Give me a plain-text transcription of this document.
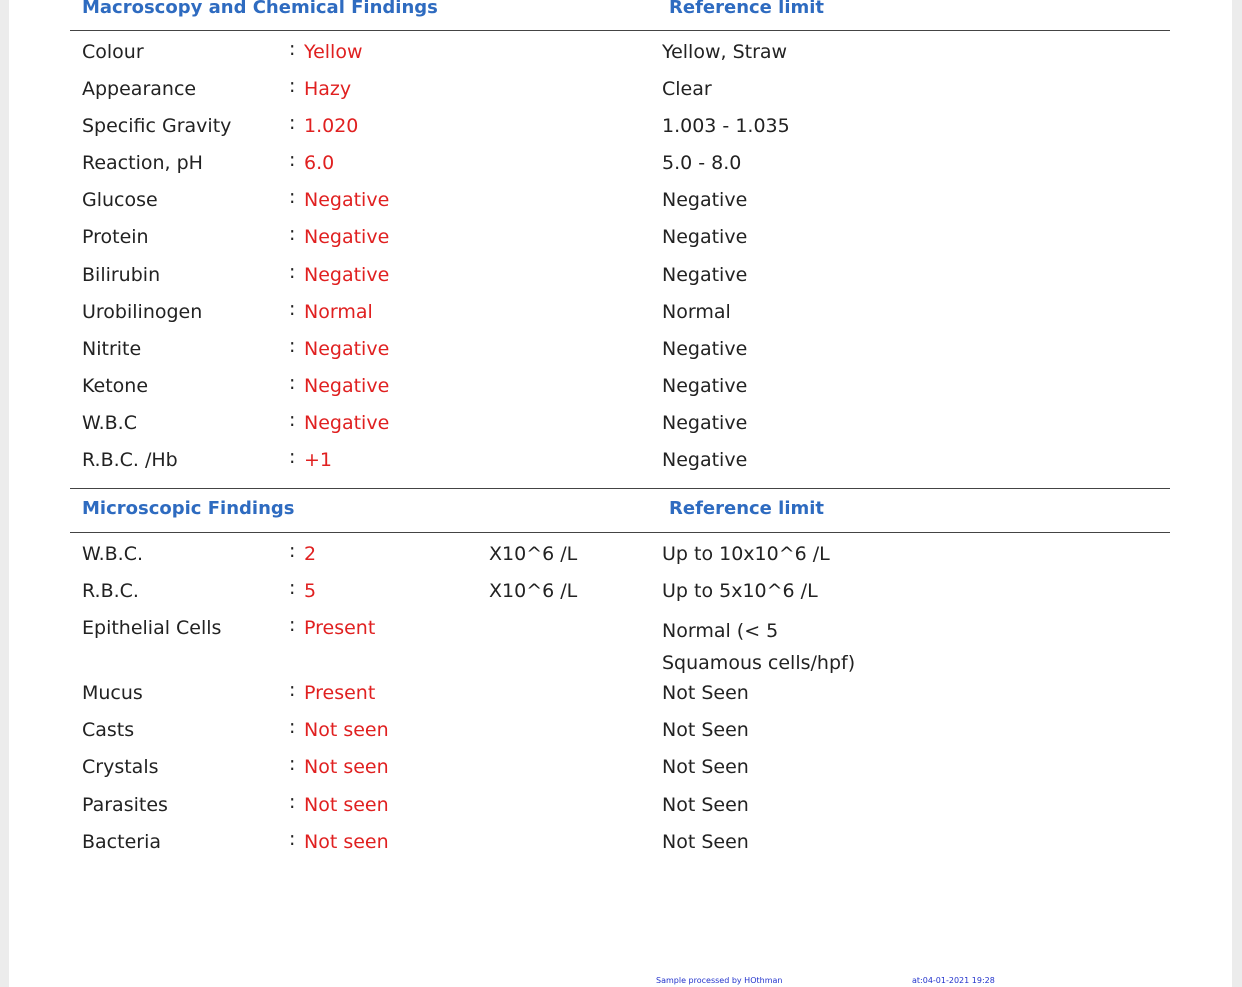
Macroscopy and Chemical Findings	Reference limit
Colour	: Yellow	Yellow, Straw
Appearance	: Hazy	Clear
Specific Gravity	: 1.020	1.003 - 1.035
Reaction, pH	: 6.0	5.0 - 8.0
Glucose	: Negative	Negative
Protein	: Negative	Negative
Bilirubin	: Negative	Negative
Urobilinogen	: Normal	Normal
Nitrite	: Negative	Negative
Ketone	: Negative	Negative
W.B.C	: Negative	Negative
R.B.C. /Hb	: +1	Negative
Microscopic Findings	Reference limit
W.B.C.	: 2	X10^6 /L	Up to 10x10^6 /L
R.B.C.	: 5	X10^6 /L	Up to 5x10^6 /L
Epithelial Cells	: Present	Normal (< 5
Squamous cells/hpf)
Mucus	: Present	Not Seen
Casts	: Not seen	Not Seen
Crystals	: Not seen	Not Seen
Parasites	: Not seen	Not Seen
Bacteria	: Not seen	Not Seen
Sample processed by HOthman	at:04-01-2021 19:28
